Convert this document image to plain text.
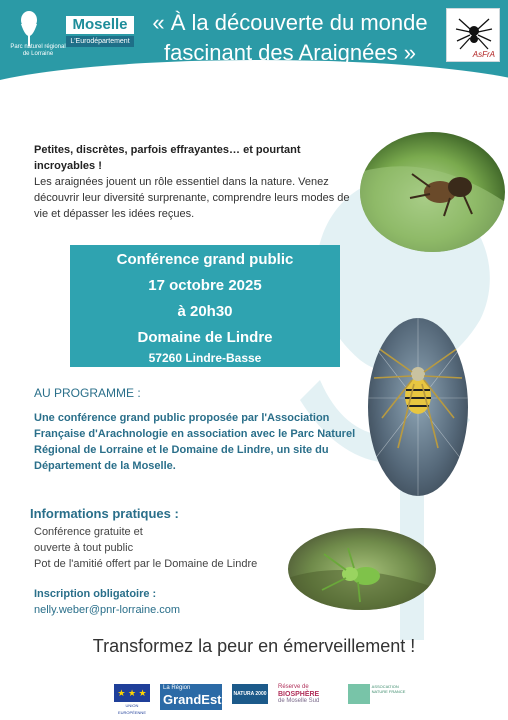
Parc naturel régional de Lorraine
Moselle
L'Eurodépartement
« À la découverte du monde fascinant des Araignées »	AsFrA
Petites, discrètes, parfois effrayantes… et pourtant incroyables !
Les araignées jouent un rôle essentiel dans la nature. Venez découvrir leur diversité surprenante, comprendre leurs modes de vie et dépasser les idées reçues.
Conférence grand public
17 octobre 2025
à 20h30
Domaine de Lindre
57260 Lindre-Basse
AU PROGRAMME :
Une conférence grand public proposée par l'Association Française d'Arachnologie en association avec le Parc Naturel Régional de Lorraine et le Domaine de Lindre, un site du Département de la Moselle.
Informations pratiques :
Conférence gratuite et
ouverte à tout public
Pot de l'amitié offert par le Domaine de Lindre
Inscription obligatoire :
nelly.weber@pnr-lorraine.com
Transformez la peur en émerveillement !
★ ★ ★
UNION EUROPÉENNE
La Région
GrandEst NATURA 2000
Réserve de
BIOSPHÈRE
de Moselle Sud
ASSOCIATION NATURE FRANCE
